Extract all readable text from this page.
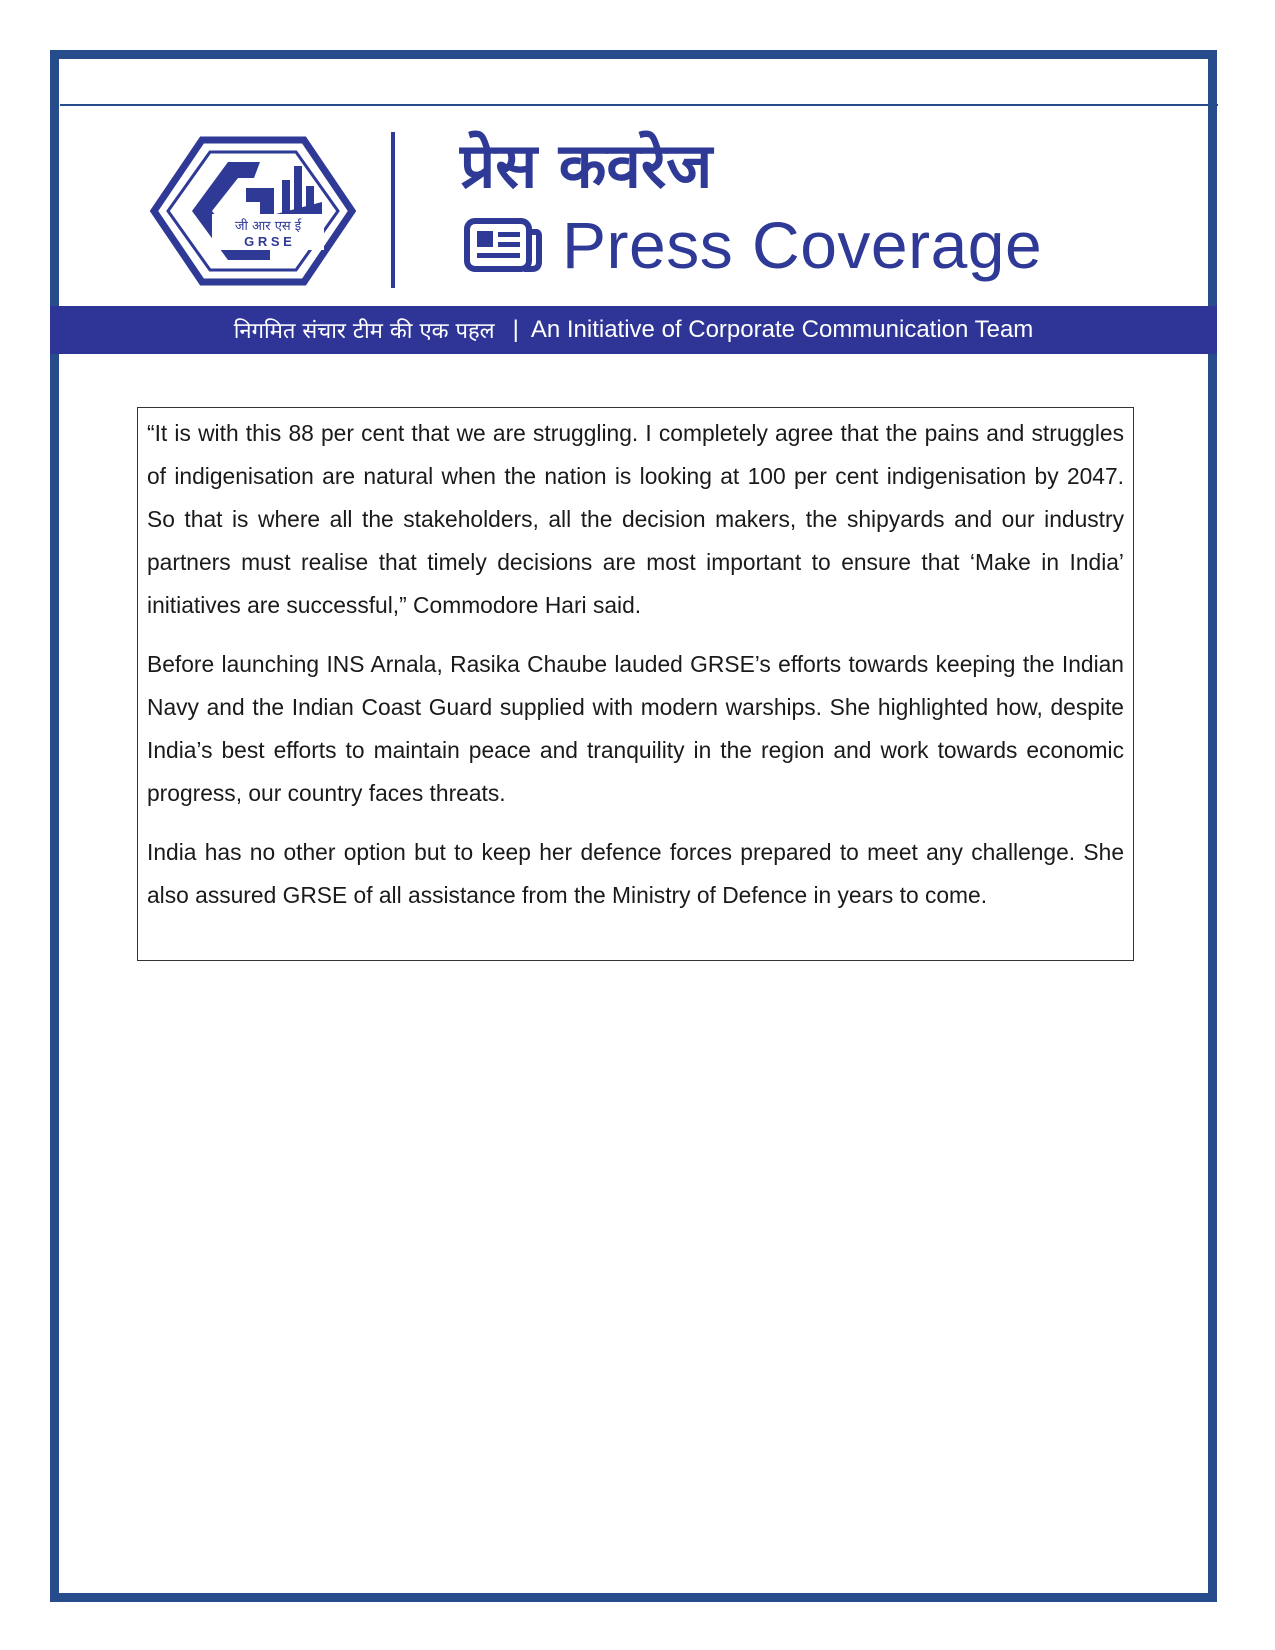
जी आर एस ई
G R S E
प्रेस कवरेज
Press Coverage
निगमित संचार टीम की एक पहल | An Initiative of Corporate Communication Team

“It is with this 88 per cent that we are struggling. I completely agree that the pains and struggles of indigenisation are natural when the nation is looking at 100 per cent indigenisation by 2047. So that is where all the stakeholders, all the decision makers, the shipyards and our industry partners must realise that timely decisions are most important to ensure that ‘Make in India’ initiatives are successful,” Commodore Hari said.

Before launching INS Arnala, Rasika Chaube lauded GRSE’s efforts towards keeping the Indian Navy and the Indian Coast Guard supplied with modern warships. She highlighted how, despite India’s best efforts to maintain peace and tranquility in the region and work towards economic progress, our country faces threats.

India has no other option but to keep her defence forces prepared to meet any challenge. She also assured GRSE of all assistance from the Ministry of Defence in years to come.
